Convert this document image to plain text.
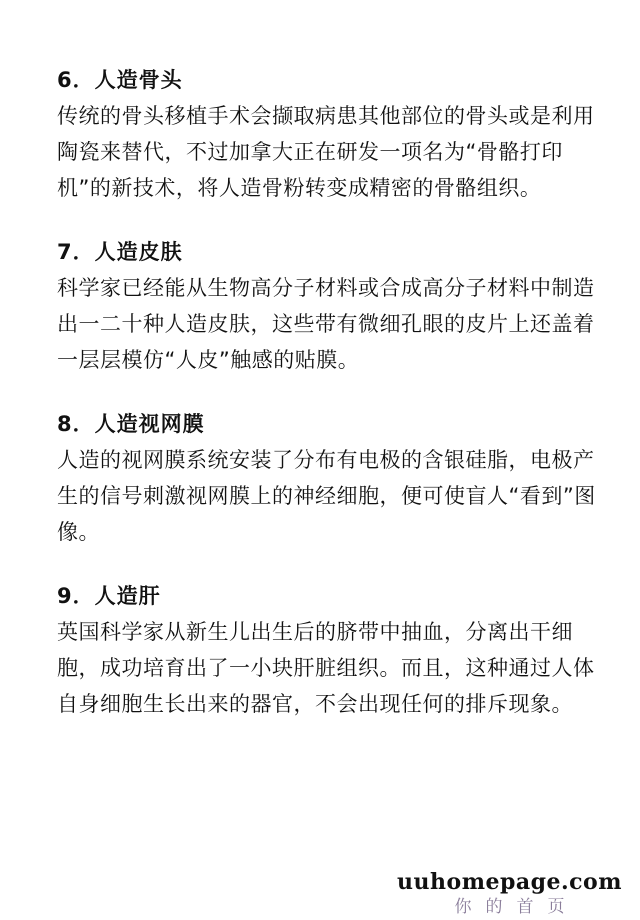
6．人造骨头

传统的骨头移植手术会撷取病患其他部位的骨头或是利用陶瓷来替代，不过加拿大正在研发一项名为“骨骼打印机”的新技术，将人造骨粉转变成精密的骨骼组织。

7．人造皮肤

科学家已经能从生物高分子材料或合成高分子材料中制造出一二十种人造皮肤，这些带有微细孔眼的皮片上还盖着一层层模仿“人皮”触感的贴膜。

8．人造视网膜

人造的视网膜系统安装了分布有电极的含银硅脂，电极产生的信号刺激视网膜上的神经细胞，便可使盲人“看到”图像。

9．人造肝

英国科学家从新生儿出生后的脐带中抽血，分离出干细胞，成功培育出了一小块肝脏组织。而且，这种通过人体自身细胞生长出来的器官，不会出现任何的排斥现象。

uuhomepage.com
你的首页
